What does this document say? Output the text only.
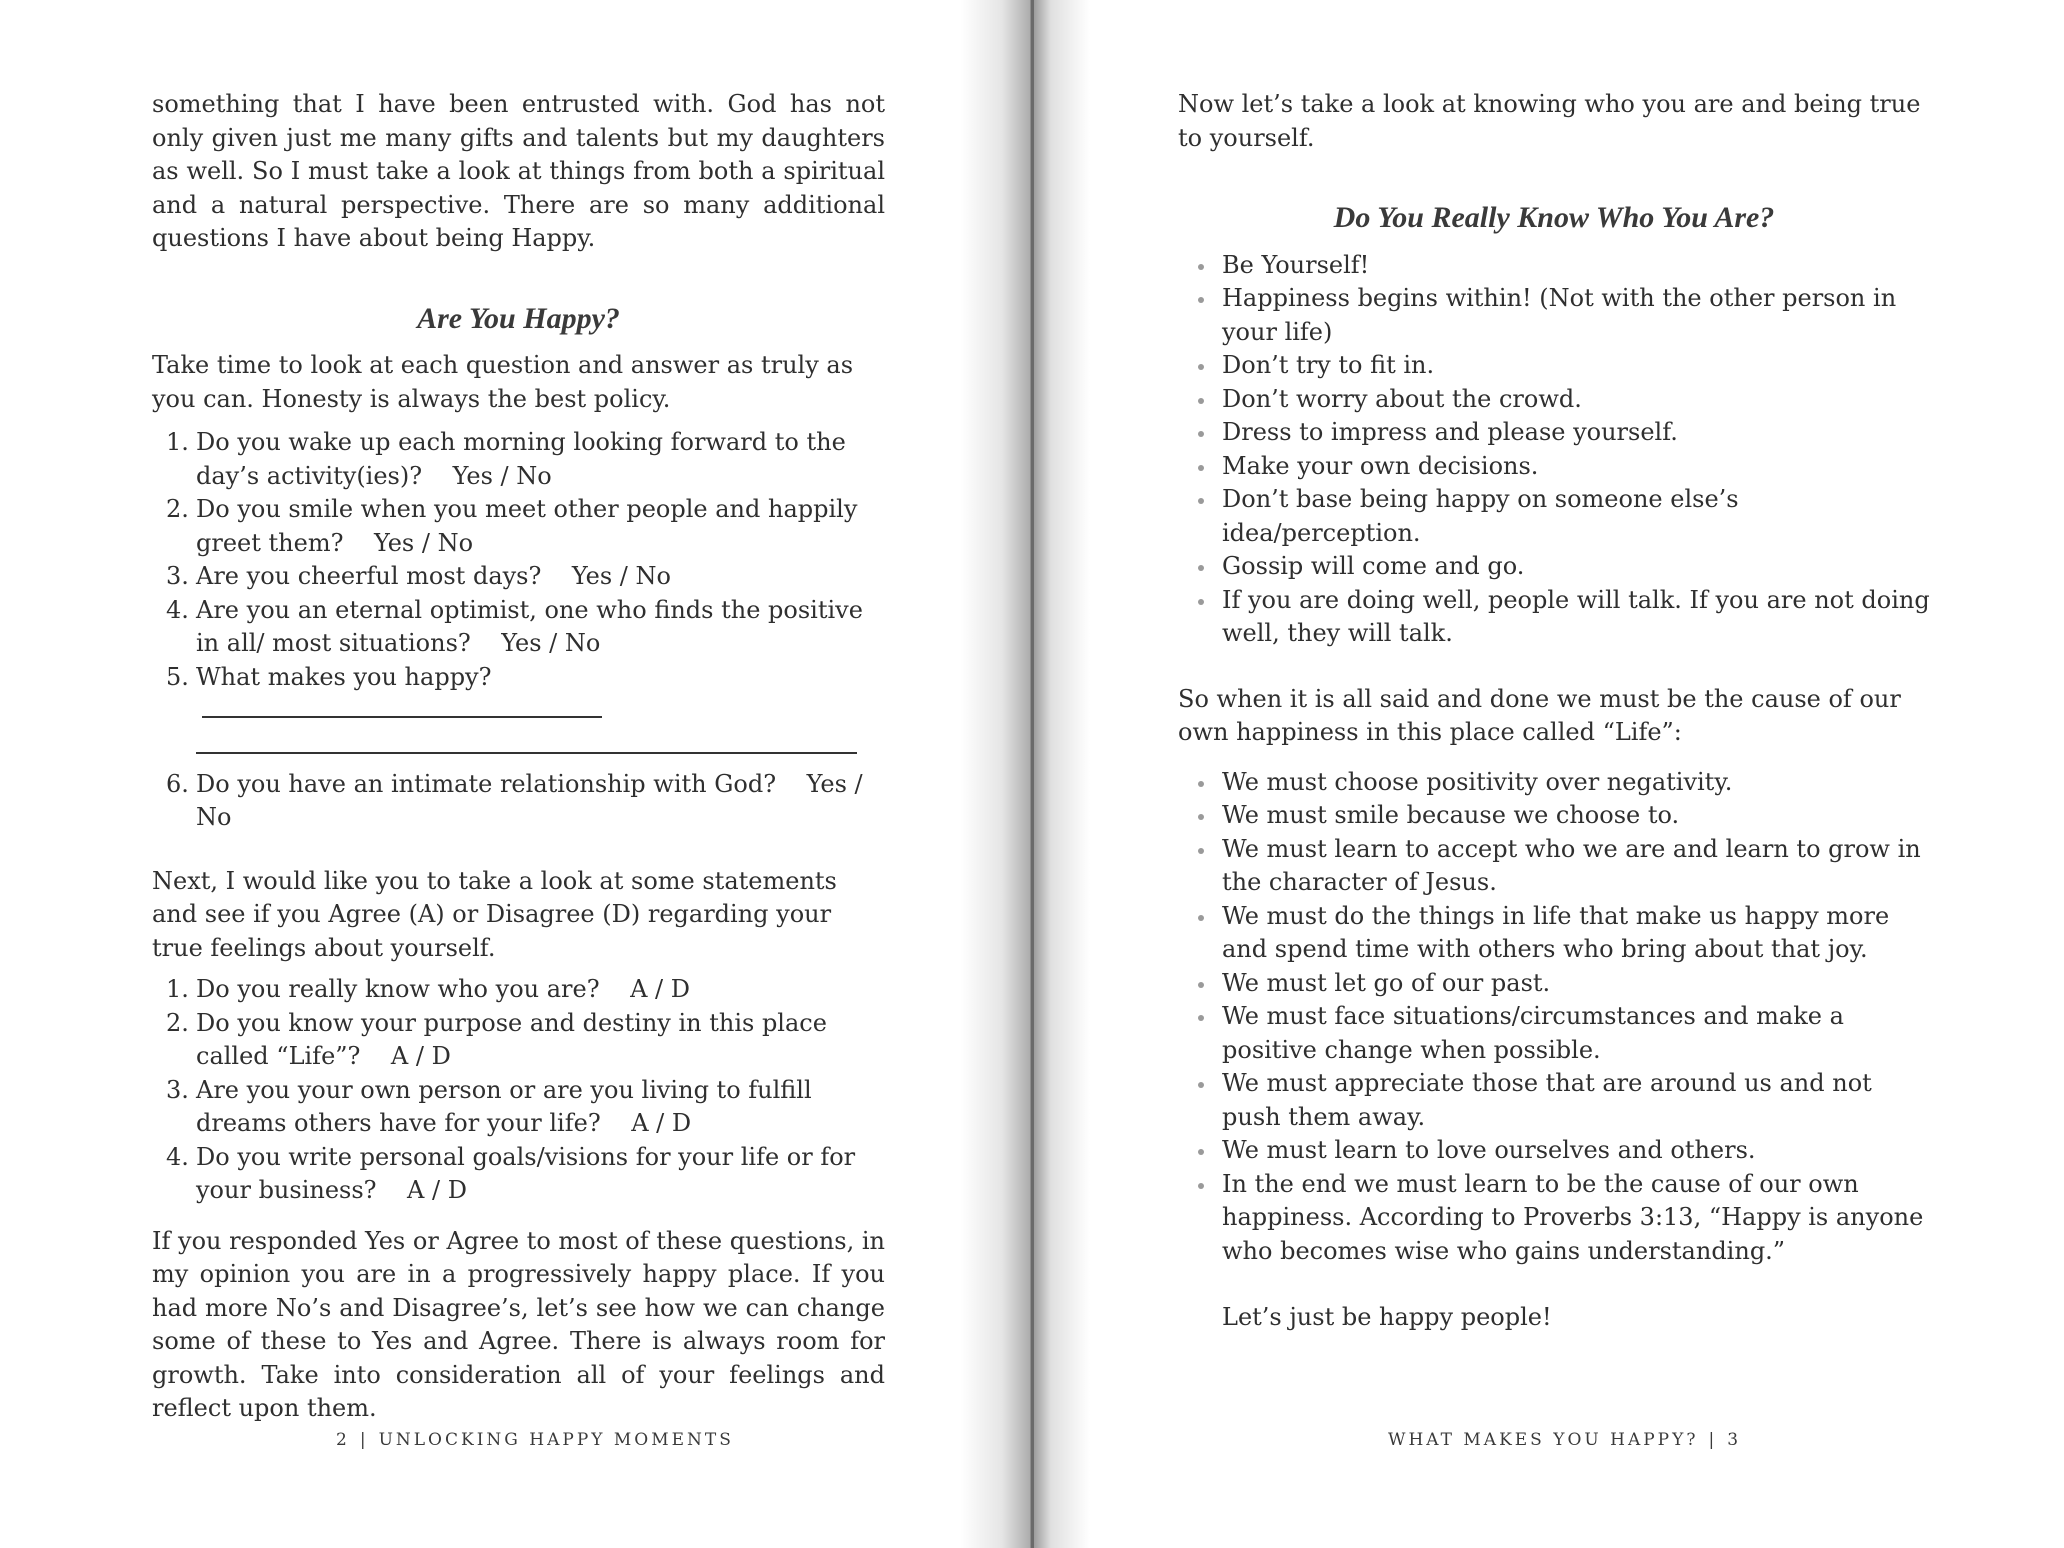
something that I have been entrusted with. God has not only given just me many gifts and talents but my daughters as well. So I must take a look at things from both a spiritual and a natural perspective. There are so many additional questions I have about being Happy.

Are You Happy?

Take time to look at each question and answer as truly as you can. Honesty is always the best policy.

1. Do you wake up each morning looking forward to the day’s activity(ies)?    Yes / No
2. Do you smile when you meet other people and happily greet them?    Yes / No
3. Are you cheerful most days?    Yes / No
4. Are you an eternal optimist, one who finds the positive in all/ most situations?    Yes / No
5. What makes you happy?
6. Do you have an intimate relationship with God?    Yes / No

Next, I would like you to take a look at some statements and see if you Agree (A) or Disagree (D) regarding your true feelings about yourself.

1. Do you really know who you are?    A / D
2. Do you know your purpose and destiny in this place called “Life”?    A / D
3. Are you your own person or are you living to fulfill dreams others have for your life?    A / D
4. Do you write personal goals/visions for your life or for your business?    A / D

If you responded Yes or Agree to most of these questions, in my opinion you are in a progressively happy place. If you had more No’s and Disagree’s, let’s see how we can change some of these to Yes and Agree. There is always room for growth. Take into consideration all of your feelings and reflect upon them.

2 | UNLOCKING HAPPY MOMENTS

Now let’s take a look at knowing who you are and being true to yourself.

Do You Really Know Who You Are?
Be Yourself!
Happiness begins within! (Not with the other person in your life)
Don’t try to fit in.
Don’t worry about the crowd.
Dress to impress and please yourself.
Make your own decisions.
Don’t base being happy on someone else’s idea/perception.
Gossip will come and go.
If you are doing well, people will talk. If you are not doing well, they will talk.

So when it is all said and done we must be the cause of our own happiness in this place called “Life”:

We must choose positivity over negativity.
We must smile because we choose to.
We must learn to accept who we are and learn to grow in the character of Jesus.
We must do the things in life that make us happy more and spend time with others who bring about that joy.
We must let go of our past.
We must face situations/circumstances and make a positive change when possible.
We must appreciate those that are around us and not push them away.
We must learn to love ourselves and others.
In the end we must learn to be the cause of our own happiness. According to Proverbs 3:13, “Happy is anyone who becomes wise who gains understanding.”

Let’s just be happy people!

WHAT MAKES YOU HAPPY? | 3
